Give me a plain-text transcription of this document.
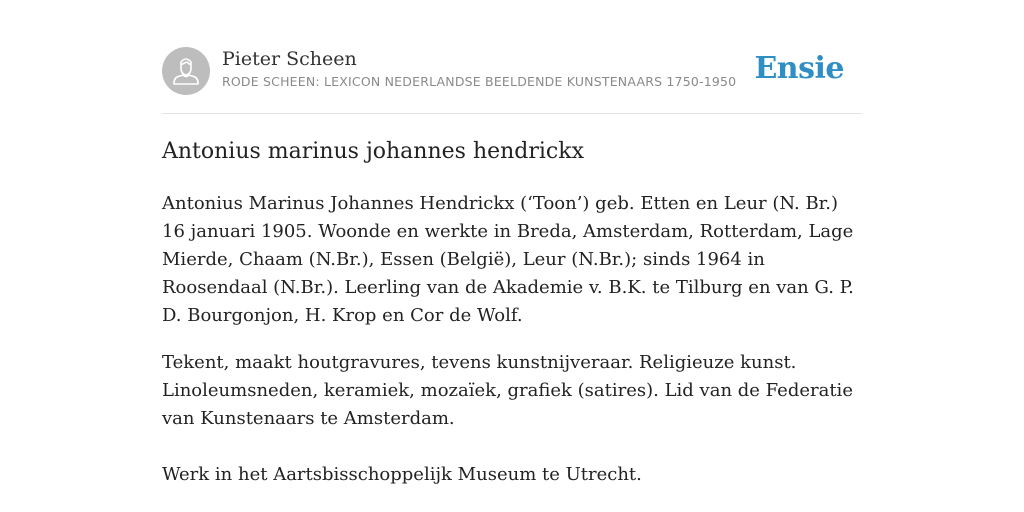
Pieter Scheen
RODE SCHEEN: LEXICON NEDERLANDSE BEELDENDE KUNSTENAARS 1750-1950 Ensie
Antonius marinus johannes hendrickx

Antonius Marinus Johannes Hendrickx (‘Toon’) geb. Etten en Leur (N. Br.) 16 januari 1905. Woonde en werkte in Breda, Amsterdam, Rotterdam, Lage Mierde, Chaam (N.Br.), Essen (België), Leur (N.Br.); sinds 1964 in Roosendaal (N.Br.). Leerling van de Akademie v. B.K. te Tilburg en van G. P. D. Bourgonjon, H. Krop en Cor de Wolf.

Tekent, maakt houtgravures, tevens kunstnijveraar. Religieuze kunst. Linoleumsneden, keramiek, mozaïek, grafiek (satires). Lid van de Federatie van Kunstenaars te Amsterdam.

Werk in het Aartsbisschoppelijk Museum te Utrecht.
